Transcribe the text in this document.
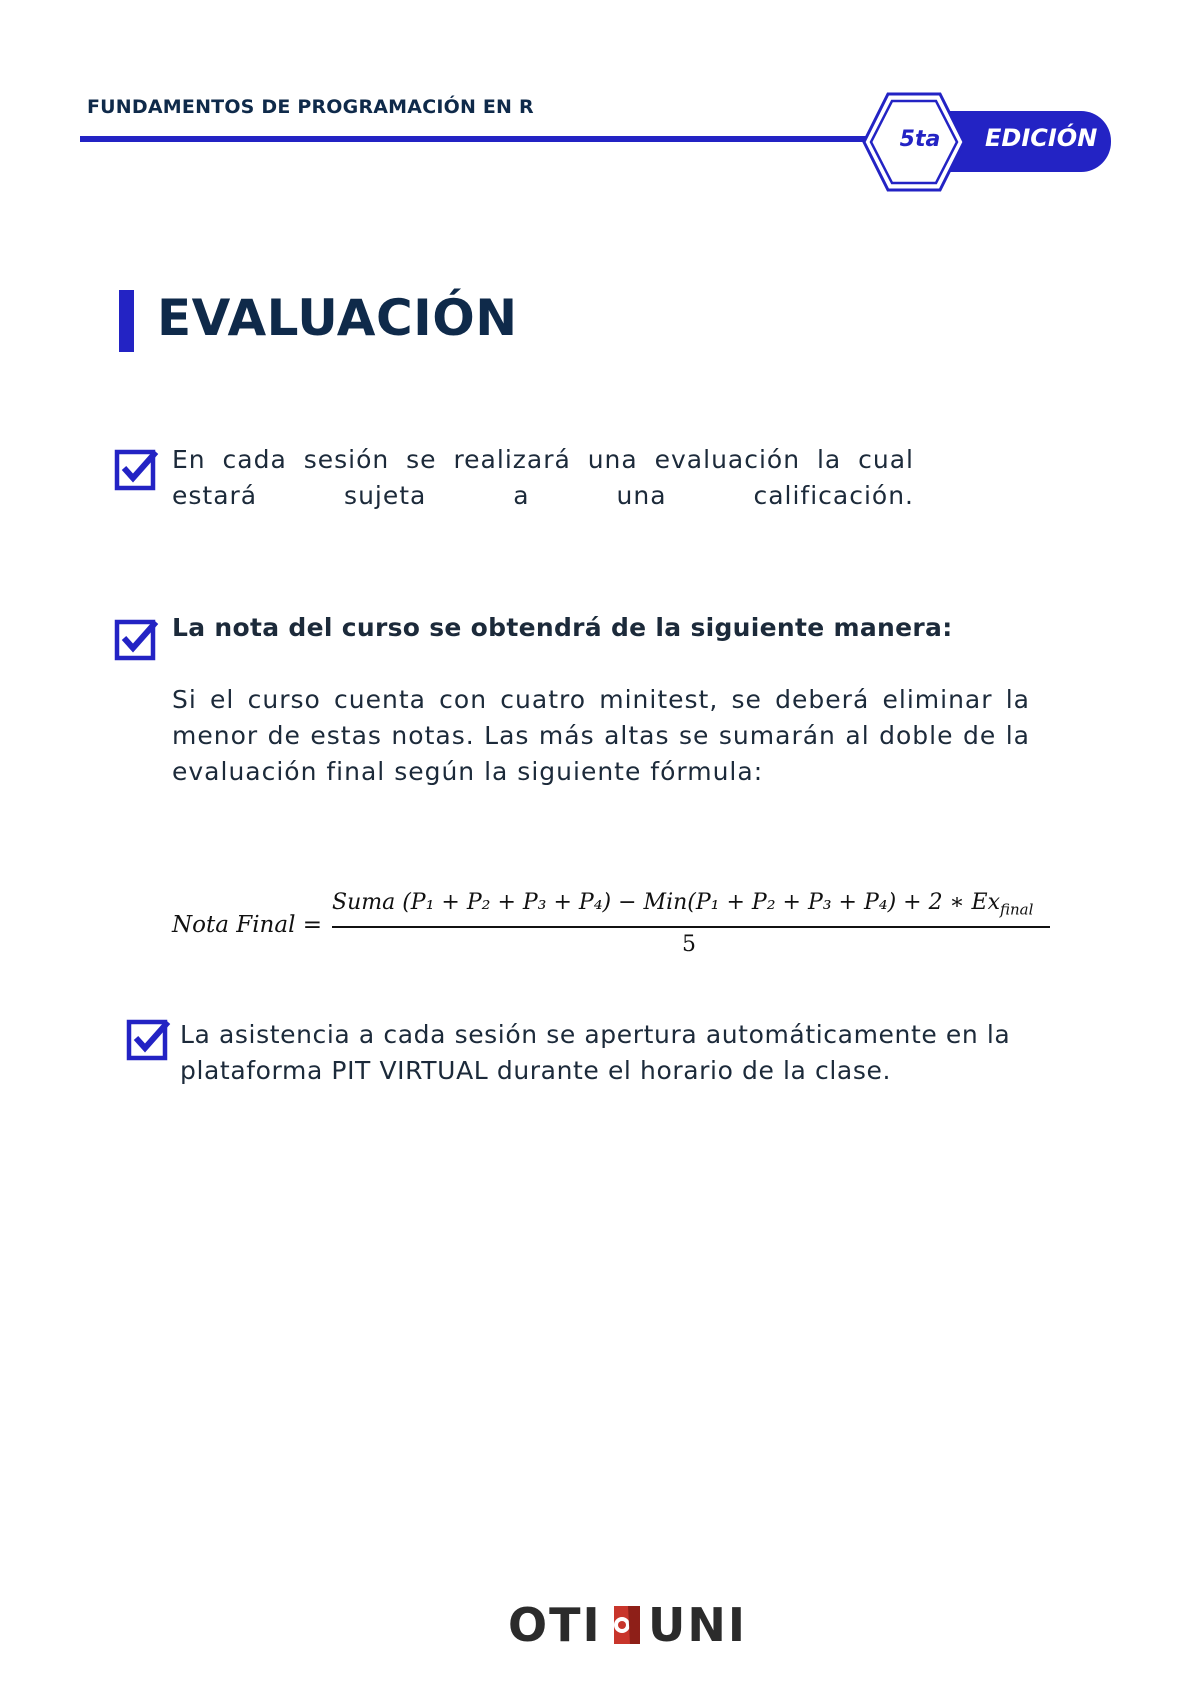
FUNDAMENTOS DE PROGRAMACIÓN EN R
EDICIÓN
5ta
EVALUACIÓN
En cada sesión se realizará una evaluación la cual estará sujeta a una calificación.
La nota del curso se obtendrá de la siguiente manera:
Si el curso cuenta con cuatro minitest, se deberá eliminar la menor de estas notas. Las más altas se sumarán al doble de la evaluación final según la siguiente fórmula:
Nota Final =
Suma (P₁ + P₂ + P₃ + P₄) − Min(P₁ + P₂ + P₃ + P₄) + 2 ∗ $Ex_{final}$
5
La asistencia a cada sesión se apertura automáticamente en la plataforma PIT VIRTUAL durante el horario de la clase.
OTI UNI
